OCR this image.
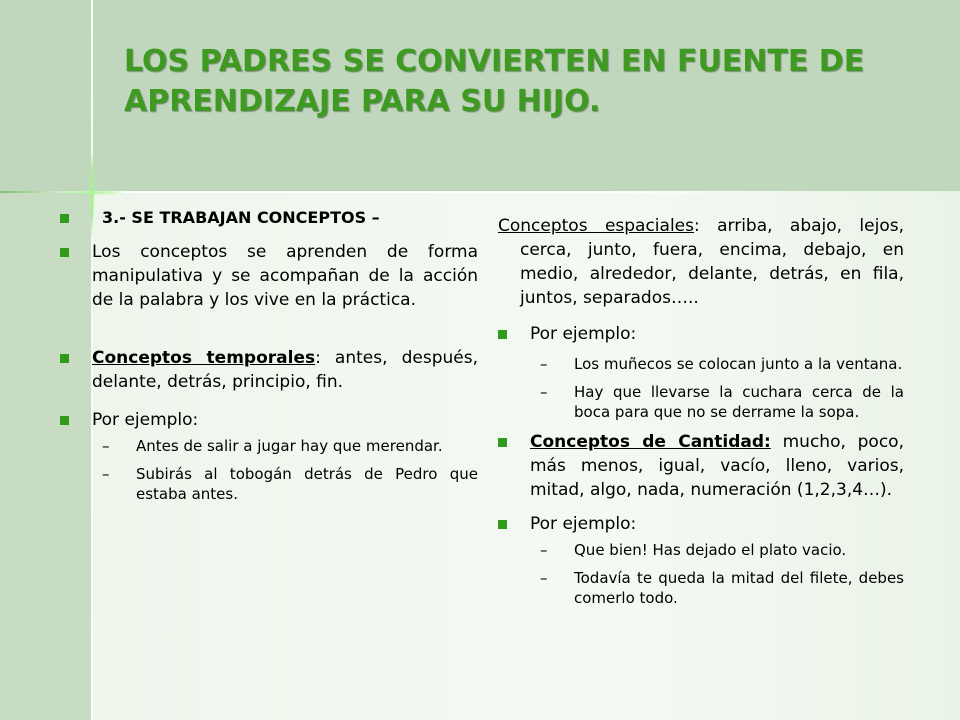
LOS PADRES SE CONVIERTEN EN FUENTE DE APRENDIZAJE PARA SU HIJO.
3.- SE TRABAJAN CONCEPTOS –
Los conceptos se aprenden de forma manipulativa y se acompañan de la acción de la palabra y los vive en la práctica.
Conceptos temporales: antes, después, delante, detrás, principio, fin.
Por ejemplo:
– Antes de salir a jugar hay que merendar.
– Subirás al tobogán detrás de Pedro que estaba antes.

Conceptos espaciales: arriba, abajo, lejos, cerca, junto, fuera, encima, debajo, en medio, alrededor, delante, detrás, en fila, juntos, separados…..

Por ejemplo:
– Los muñecos se colocan junto a la ventana.
– Hay que llevarse la cuchara cerca de la boca para que no se derrame la sopa.
Conceptos de Cantidad: mucho, poco, más menos, igual, vacío, lleno, varios, mitad, algo, nada, numeración (1,2,3,4…).
Por ejemplo:
– Que bien! Has dejado el plato vacio.
– Todavía te queda la mitad del filete, debes comerlo todo.
